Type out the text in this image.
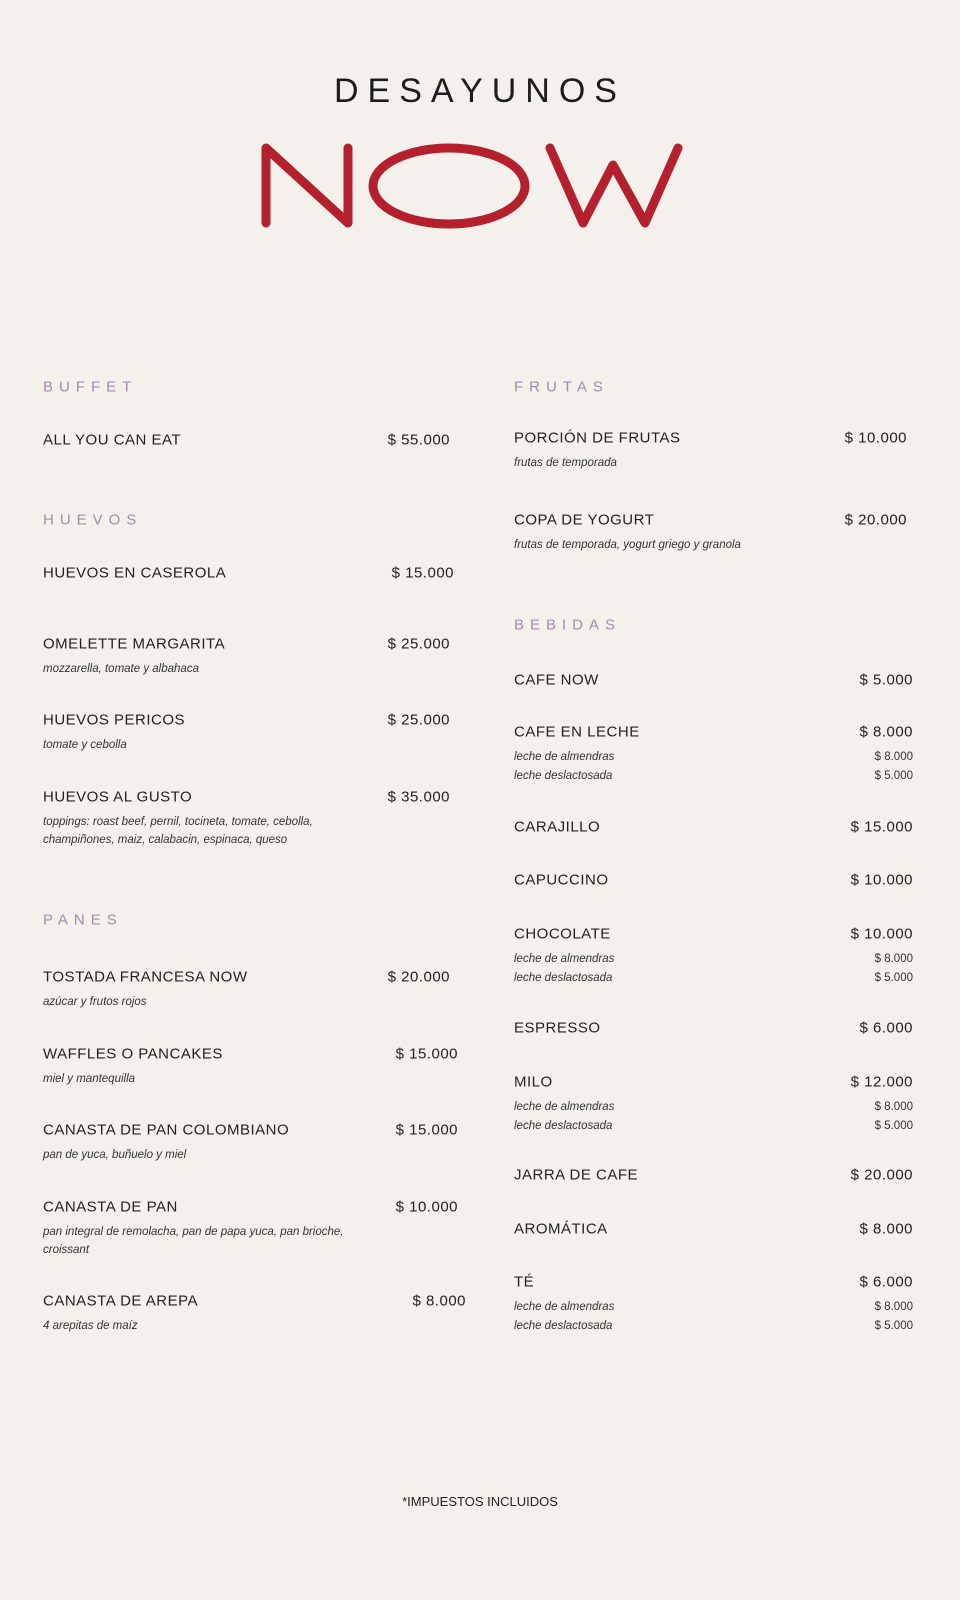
DESAYUNOS
BUFFET
ALL YOU CAN EAT	$ 55.000
HUEVOS
HUEVOS EN CASEROLA	$ 15.000
OMELETTE MARGARITA	$ 25.000
mozzarella, tomate y albahaca
HUEVOS PERICOS	$ 25.000
tomate y cebolla
HUEVOS AL GUSTO	$ 35.000
toppings: roast beef, pernil, tocineta, tomate, cebolla, champiñones, maiz, calabacin, espinaca, queso
PANES
TOSTADA FRANCESA NOW	$ 20.000
azúcar y frutos rojos
WAFFLES O PANCAKES	$ 15.000
miel y mantequilla
CANASTA DE PAN COLOMBIANO	$ 15.000
pan de yuca, buñuelo y miel
CANASTA DE PAN	$ 10.000
pan integral de remolacha, pan de papa yuca, pan brioche, croissant
CANASTA DE AREPA	$ 8.000
4 arepitas de maíz
FRUTAS
PORCIÓN DE FRUTAS	$ 10.000
frutas de temporada
COPA DE YOGURT	$ 20.000
frutas de temporada, yogurt griego y granola
BEBIDAS
CAFE NOW	$ 5.000
CAFE EN LECHE	$ 8.000
leche de almendras	$ 8.000
leche deslactosada	$ 5.000
CARAJILLO	$ 15.000
CAPUCCINO	$ 10.000
CHOCOLATE	$ 10.000
leche de almendras	$ 8.000
leche deslactosada	$ 5.000
ESPRESSO	$ 6.000
MILO	$ 12.000
leche de almendras	$ 8.000
leche deslactosada	$ 5.000
JARRA DE CAFE	$ 20.000
AROMÁTICA	$ 8.000
TÉ	$ 6.000
leche de almendras	$ 8.000
leche deslactosada	$ 5.000
*IMPUESTOS INCLUIDOS
